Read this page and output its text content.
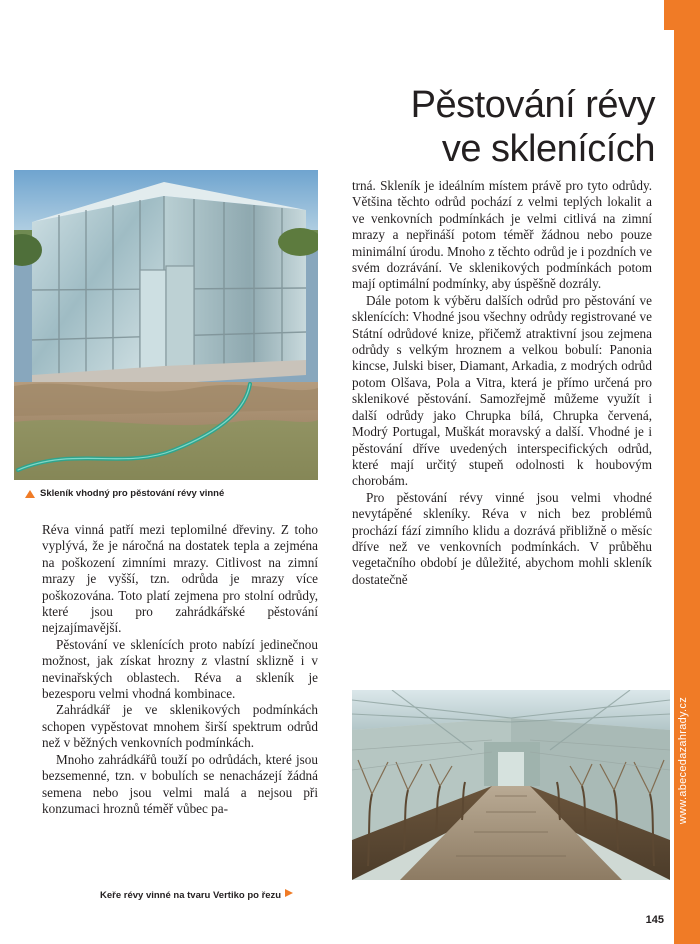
www.abecedazahrady.cz
Pěstování révy
ve sklenících
Skleník vhodný pro pěstování révy vinné

Réva vinná patří mezi teplomilné dřeviny. Z toho vyplývá, že je náročná na dostatek tepla a zejména na poškození zimními mrazy. Citlivost na zimní mrazy je vyšší, tzn. odrůda je mrazy více poškozována. Toto platí zejmena pro stolní odrůdy, které jsou pro zahrádkářské pěstování nejzajímavější.

Pěstování ve sklenících proto nabízí jedinečnou možnost, jak získat hrozny z vlastní sklizně i v nevinařských oblastech. Réva a skleník je bezesporu velmi vhodná kombinace.

Zahrádkář je ve sklenikových podmínkách schopen vypěstovat mnohem širší spektrum odrůd než v běžných venkovních podmínkách.

Mnoho zahrádkářů touží po odrůdách, které jsou bezsemenné, tzn. v bobulích se nenacházejí žádná semena nebo jsou velmi malá a nejsou při konzumaci hroznů téměř vůbec pa-

trná. Skleník je ideálním místem právě pro tyto odrůdy. Většina těchto odrůd pochází z velmi teplých lokalit a ve venkovních podmínkách je velmi citlivá na zimní mrazy a nepřináší potom téměř žádnou nebo pouze minimální úrodu. Mnoho z těchto odrůd je i pozdních ve svém dozrávání. Ve sklenikových podmínkách potom mají optimální podmínky, aby úspěšně dozrály.

Dále potom k výběru dalších odrůd pro pěstování ve sklenících: Vhodné jsou všechny odrůdy registrované ve Státní odrůdové knize, přičemž atraktivní jsou zejmena odrůdy s velkým hroznem a velkou bobulí: Panonia kincse, Julski biser, Diamant, Arkadia, z modrých odrůd potom Olšava, Pola a Vitra, která je přímo určená pro sklenikové pěstování. Samozřejmě můžeme využít i další odrůdy jako Chrupka bílá, Chrupka červená, Modrý Portugal, Muškát moravský a další. Vhodné je i pěstování dříve uvedených interspecifických odrůd, které mají určitý stupeň odolnosti k houbovým chorobám.

Pro pěstování révy vinné jsou velmi vhodné nevytápěné skleníky. Réva v nich bez problémů prochází fází zimního klidu a dozrává přibližně o měsíc dříve než ve venkovních podmínkách. V průběhu vegetačního období je důležité, abychom mohli skleník dostatečně

Keře révy vinné na tvaru Vertiko po řezu
145
